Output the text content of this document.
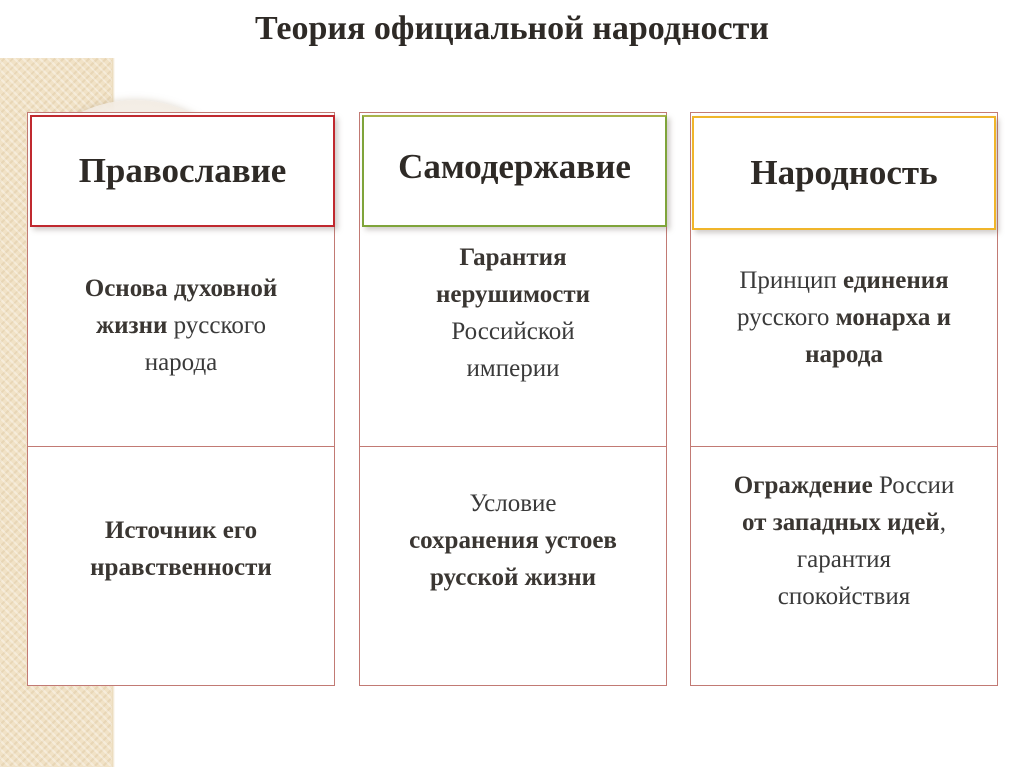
Теория официальной народности
Православие
Основа духовной
жизни русского
народа
Источник его
нравственности
Самодержавие
Гарантия
нерушимости
Российской
империи
Условие
сохранения устоев
русской жизни
Народность
Принцип единения
русского монарха и
народа
Ограждение России
от западных идей,
гарантия
спокойствия
